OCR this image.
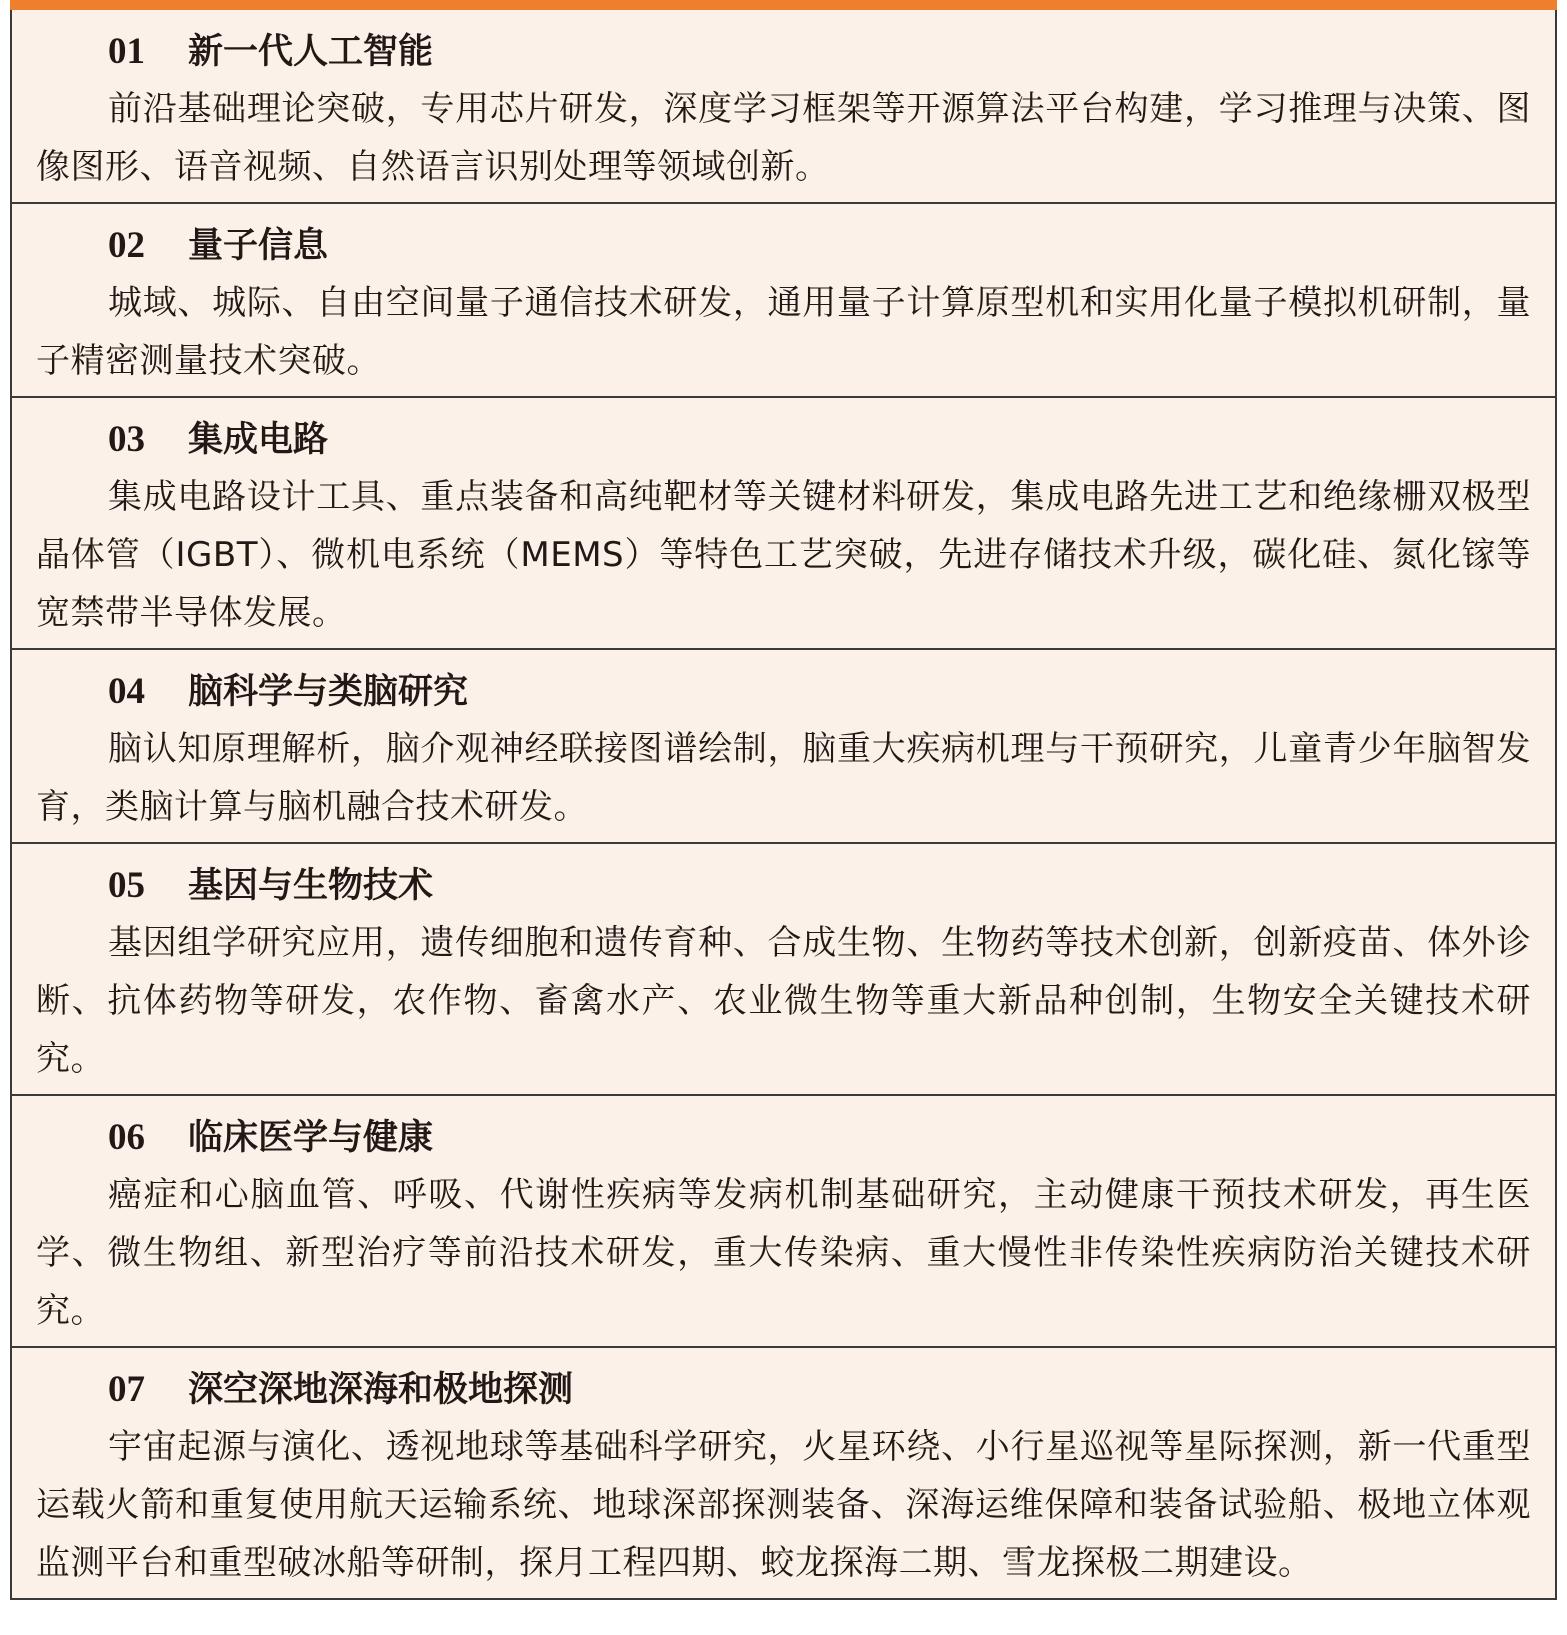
01	新一代人工智能
前沿基础理论突破，专用芯片研发，深度学习框架等开源算法平台构建，学习推理与决策、图像图形、语音视频、自然语言识别处理等领域创新。
02	量子信息
城域、城际、自由空间量子通信技术研发，通用量子计算原型机和实用化量子模拟机研制，量子精密测量技术突破。
03	集成电路
集成电路设计工具、重点装备和高纯靶材等关键材料研发，集成电路先进工艺和绝缘栅双极型晶体管（IGBT）、微机电系统（MEMS）等特色工艺突破，先进存储技术升级，碳化硅、氮化镓等宽禁带半导体发展。
04	脑科学与类脑研究
脑认知原理解析，脑介观神经联接图谱绘制，脑重大疾病机理与干预研究，儿童青少年脑智发育，类脑计算与脑机融合技术研发。
05	基因与生物技术
基因组学研究应用，遗传细胞和遗传育种、合成生物、生物药等技术创新，创新疫苗、体外诊断、抗体药物等研发，农作物、畜禽水产、农业微生物等重大新品种创制，生物安全关键技术研究。
06	临床医学与健康
癌症和心脑血管、呼吸、代谢性疾病等发病机制基础研究，主动健康干预技术研发，再生医学、微生物组、新型治疗等前沿技术研发，重大传染病、重大慢性非传染性疾病防治关键技术研究。
07	深空深地深海和极地探测
宇宙起源与演化、透视地球等基础科学研究，火星环绕、小行星巡视等星际探测，新一代重型运载火箭和重复使用航天运输系统、地球深部探测装备、深海运维保障和装备试验船、极地立体观监测平台和重型破冰船等研制，探月工程四期、蛟龙探海二期、雪龙探极二期建设。
